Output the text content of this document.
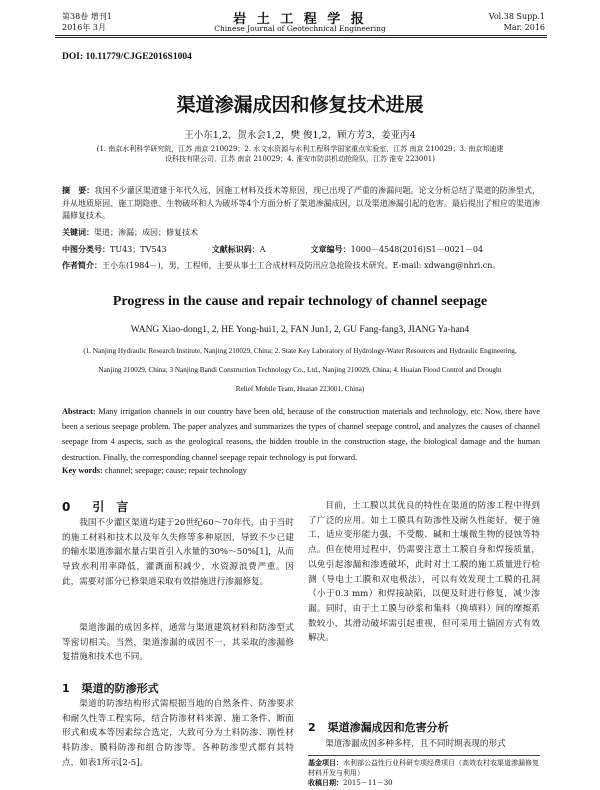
第38卷 增刊1
2016年 3月
岩 土 工 程 学 报
Chinese Journal of Geotechnical Engineering
Vol.38 Supp.1
Mar. 2016
DOI: 10.11779/CJGE2016S1004
渠道渗漏成因和修复技术进展
王小东1,2，贺永会1,2，樊 俊1,2，顾方芳3，姜亚丙4
(1. 南京水利科学研究院，江苏 南京 210029；2. 水文水资源与水利工程科学国家重点实验室，江苏 南京 210029；3. 南京邦迪建设科技有限公司，江苏 南京 210029；4. 淮安市防洪机动抢险队，江苏 淮安 223001)
摘　要：我国不少灌区渠道建于年代久远，因施工材料及技术等原因，现已出现了严重的渗漏问题。论文分析总结了渠道的防渗型式，并从地质原因、施工期隐患、生物破坏和人为破坏等4个方面分析了渠道渗漏成因，以及渠道渗漏引起的危害。最后提出了相应的渠道渗漏修复技术。
关键词：渠道；渗漏；成因；修复技术
中图分类号：TU43；TV543	文献标识码：A	文章编号：1000－4548(2016)S1－0021－04
作者简介：王小东(1984－)，男，工程师，主要从事土工合成材料及防汛应急抢险技术研究。E-mail: xdwang@nhri.cn。
Progress in the cause and repair technology of channel seepage
WANG Xiao-dong1, 2, HE Yong-hui1, 2, FAN Jun1, 2, GU Fang-fang3, JIANG Ya-han4
(1. Nanjing Hydraulic Research Institute, Nanjing 210029, China; 2. State Key Laboratory of Hydrology-Water Resources and Hydraulic Engineering,
Nanjing 210029, China; 3 Nanjing Bandi Construction Technology Co., Ltd., Nanjing 210029, China; 4. Huaian Flood Control and Drought
Relief Mobile Team, Huaian 223001, China)
Abstract: Many irrigation channels in our country have been old, because of the construction materials and technology, etc. Now, there have been a serious seepage problem. The paper analyzes and summarizes the types of channel seepage control, and analyzes the causes of channel seepage from 4 aspects, such as the geological reasons, the hidden trouble in the construction stage, the biological damage and the human destruction. Finally, the corresponding channel seepage repair technology is put forward.
Key words: channel; seepage; cause; repair technology
0 引　言
我国不少灌区渠道均建于20世纪60～70年代，由于当时的施工材料和技术以及年久失修等多种原因，导致不少已建的输水渠道渗漏水量占渠首引入水量的30%～50%[1]，从而导致水利用率降低，灌溉面积减少，水资源浪费严重。因此，需要对部分已修渠道采取有效措施进行渗漏修复。
渠道渗漏的成因多样，通常与渠道建筑材料和防渗型式等密切相关。当然，渠道渗漏的成因不一，其采取的渗漏修复措施和技术也不同。
1 渠道的防渗形式
渠道的防渗结构形式需根据当地的自然条件、防渗要求和耐久性等工程实际，结合防渗材料来源、施工条件、断面形式和成本等因素综合选定，大致可分为土料防渗、刚性材料防渗、膜料防渗和组合防渗等。各种防渗型式都有其特点，如表1所示[2-5]。
目前，土工膜以其优良的特性在渠道的防渗工程中得到了广泛的应用。如土工膜具有防渗性及耐久性能好，便于施工，适应变形能力强，不受酸、碱和土壤微生物的侵蚀等特点。但在使用过程中，仍需要注意土工膜自身和焊接质量，以免引起渗漏和渗透破坏，此时对土工膜的施工质量进行检测（导电土工膜和双电极法），可以有效发现土工膜的孔洞（小于0.3 mm）和焊接缺陷，以便及时进行修复，减少渗漏。同时，由于土工膜与砂浆和集料（换填料）间的摩擦系数较小，其滑动破坏需引起重视，但可采用土锚固方式有效解决。
2 渠道渗漏成因和危害分析
渠道渗漏成因多种多样，且不同时期表现的形式
基金项目：水利部公益性行业科研专项经费项目（高效农村农渠道渗漏修复材料开发与利用）
收稿日期：2015－11－30
